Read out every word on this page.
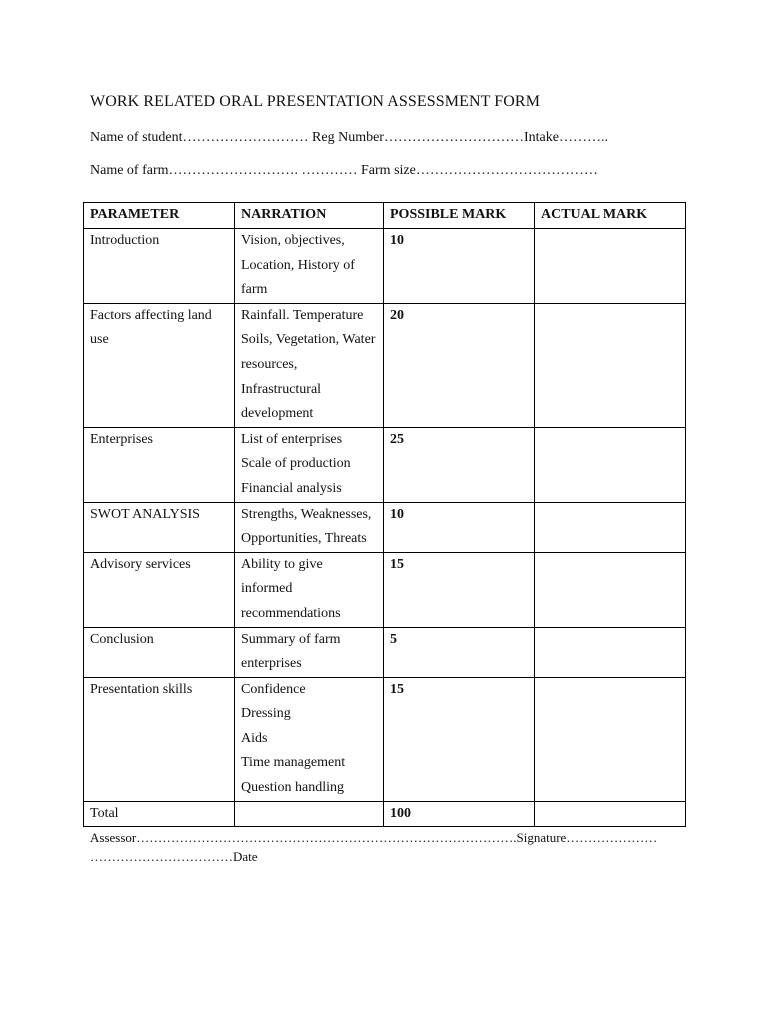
WORK RELATED ORAL PRESENTATION ASSESSMENT FORM
Name of student……………………… Reg Number…………………………Intake………..
Name of farm………………………. ………… Farm size…………………………………
PARAMETER	NARRATION	POSSIBLE MARK	ACTUAL MARK
Introduction	Vision, objectives,
Location, History of
farm	10	
Factors affecting land use	Rainfall. Temperature
Soils, Vegetation, Water
resources,
Infrastructural
development	20	
Enterprises	List of enterprises
Scale of production
Financial analysis	25	
SWOT ANALYSIS	Strengths, Weaknesses,
Opportunities, Threats	10	
Advisory services	Ability to give informed
recommendations	15	
Conclusion	Summary of farm
enterprises	5	
Presentation skills	Confidence
Dressing
Aids
Time management
Question handling	15	
Total		100	
Assessor…………………………………………………………………………….Signature…………………
……………………………Date
